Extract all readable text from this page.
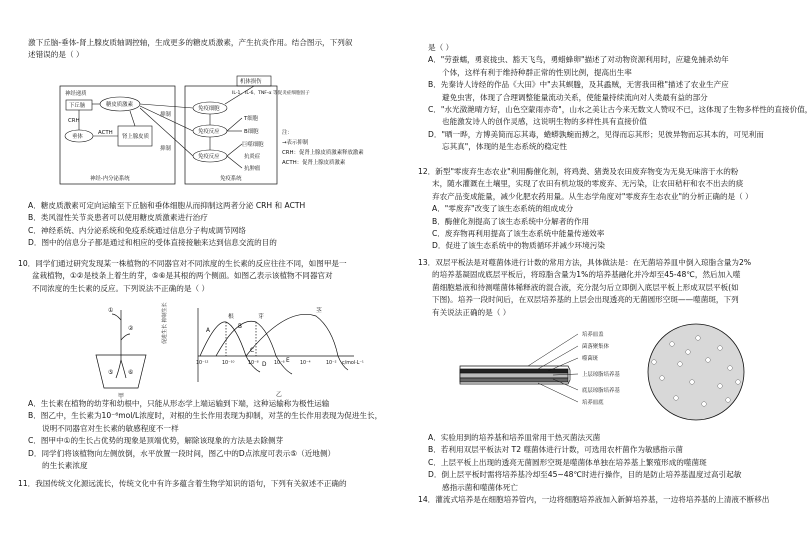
激下丘脑-垂体-肾上腺皮质轴调控轴，生成更多的糖皮质激素，产生抗炎作用。结合图示，下列叙

述错误的是（ ）

神经递质
下丘脑
CRH
垂体
ACTH
肾上腺皮质
糖皮质激素
抑制
抑制
神经-内分泌系统	免疫系统
机体损伤
IL-1、IL-6、TNF-α 等促炎症细胞因子
免疫细胞
免疫反应
免疫反应
T细胞
B细胞
巨噬细胞
抗炎症
抗肿瘤
注：
→表示抑制
CRH：促肾上腺皮质激素释放激素
ACTH：促肾上腺皮质激素

A．糖皮质激素可定向运输至下丘脑和垂体细胞从而抑制这两者分泌 CRH 和 ACTH

B．类风湿性关节炎患者可以使用糖皮质激素进行治疗

C．神经系统、内分泌系统和免疫系统通过信息分子构成调节网络

D．图中的信息分子都是通过和相应的受体直接接触来达到信息交流的目的

10．同学们通过研究发现某一株植物的不同器官对不同浓度的生长素的反应往往不同，如图甲是一

盆栽植物，①②是枝条上着生的芽，⑤⑥是其根的两个侧面。如图乙表示该植物不同器官对

不同浓度的生长素的反应。下列说法不正确的是（ ）

①
②
⑤ ⑥
甲
促进生长 抑制生长	根	芽
茎
A
B
C
D
E
10⁻¹²	10⁻¹⁰	10⁻⁸	10⁻⁶	10⁻⁴	10⁻² c/mol·L⁻¹
乙

A．生长素在植物的幼芽和幼根中，只能从形态学上端运输到下端，这种运输称为极性运输

B．图乙中，生长素为10⁻⁶mol/L浓度时，对根的生长作用表现为抑制，对茎的生长作用表现为促进生长，

说明不同器官对生长素的敏感程度不一样

C．图甲中①的生长占优势的现象是顶端优势，解除该现象的方法是去除侧芽

D．同学们将该植物向左侧放倒，水平放置一段时间，图乙中的D点浓度可表示⑤（近地侧）

的生长素浓度

11．我国传统文化源远流长，传统文化中有许多蕴含着生物学知识的语句，下列有关叙述不正确的

是（ ）

A．"劳蚕蠕，勇衮拢虫、豁天飞鸟，勇蜡蜂卵"描述了对动物资源利用时，应避免捕杀幼年

个体，这样有利于维持种群正常的性别比例，提高出生率

B．先秦诗人诗经的作品《大田》中"去其螟螣，及其蟊贼，无害我田稚"描述了农业生产应

避免虫害，体现了合理调整能量流动关系，使能量持续流向对人类最有益的部分

C．"水光潋滟晴方好，山色空蒙雨亦奇"，山水之美让古今来无数文人赞叹不已，这体现了生物多样性的直接价值，

也能激发诗人的创作灵感，这说明生物的多样性具有直接价值

D．"晒一晔，方博美简而忘其毒，蜷蟒孰蜿而搏之，见得而忘其形；见彼异物而忘其本的，可见利而

忘其真"，体现的是生态系统的稳定性

12．新型"零废弃生态农业"利用酶催化剂，将鸡粪、猪粪及农田废弃物变为无臭无味溶于水的粉

末，随水灌溉在土壤里，实现了农田有机垃圾的零废弃、无污染，让农田秸秆和农不出去的痰

弃农产品变成能量，减少化肥农药用量。从生态学角度对"零废弃生态农业"的分析正确的是（ ）

A．"零废弃"改变了该生态系统的组成成分

B．酶催化剂提高了该生态系统中分解者的作用

C．废弃物再利用提高了该生态系统中能量传递效率

D．促进了该生态系统中的物质循环并减少环境污染

13．双层平板法是对噬菌体进行计数的常用方法，具体做法是：在无菌培养皿中倒入琼脂含量为2%

的培养基凝固成底层平板后，将琼脂含量为1%的培养基融化并冷却至45-48℃，然后加入噬

菌细胞悬液和待测噬菌体稀释液的混合液，充分混匀后立即倒入底层平板上形成双层平板(如

下图)。培养一段时间后，在双层培养基的上层会出现透亮的无菌圆形空斑——噬菌斑，下列

有关说法正确的是（ ）

培养皿盖
菌落聚集体
噬菌斑
上层琼脂培养基
底层琼脂培养基
培养皿底

A．实验用到的培养基和培养皿常用干热灭菌法灭菌

B．若利用双层平板法对 T2 噬菌体进行计数，可选用农杆菌作为敏感指示菌

C．上层平板上出现的透亮无菌圆形空斑是噬菌体单独在培养基上繁殖形成的噬菌斑

D．倒上层平板时需将培养基冷却至45~48℃时进行操作，目的是防止培养基温度过高引起敏

感指示菌和噬菌体死亡

14．灌流式培养是在细胞培养管内，一边将细胞培养液加入新鲜培养基，一边将培养基的上清液不断移出
